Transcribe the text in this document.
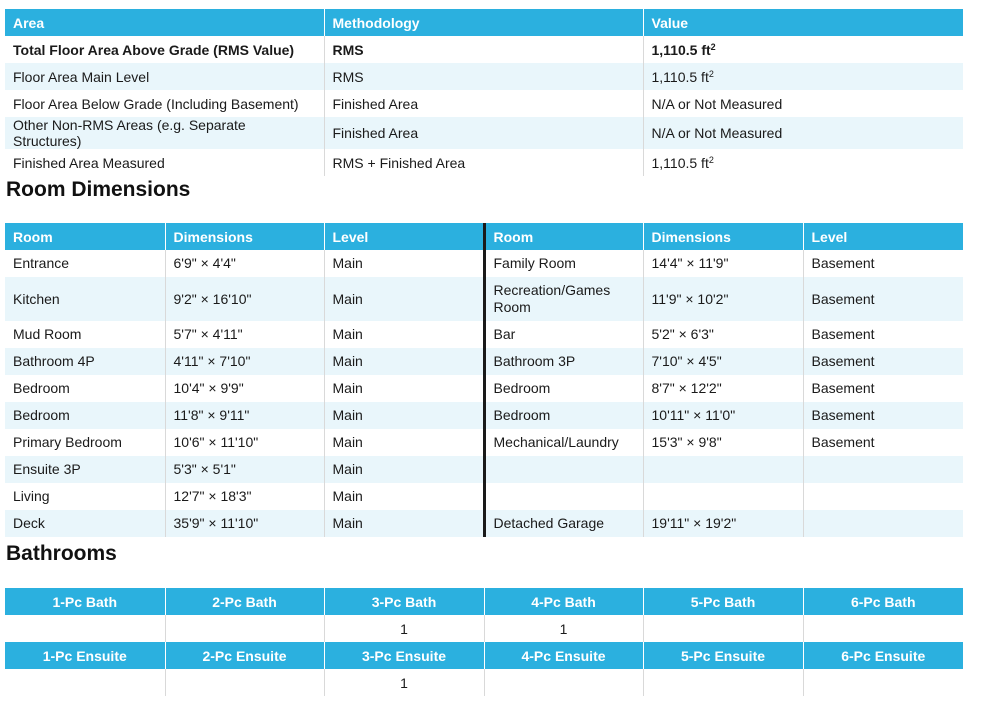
Area	Methodology	Value
Total Floor Area Above Grade (RMS Value)	RMS	1,110.5 $ft^2$
Floor Area Main Level	RMS	1,110.5 $ft^2$
Floor Area Below Grade (Including Basement)	Finished Area	N/A or Not Measured
Other Non-RMS Areas (e.g. Separate Structures)	Finished Area	N/A or Not Measured
Finished Area Measured	RMS + Finished Area	1,110.5 $ft^2$
Room Dimensions
Room	Dimensions	Level	Room	Dimensions	Level
Entrance	6'9" × 4'4"	Main	Family Room	14'4" × 11'9"	Basement
Kitchen	9'2" × 16'10"	Main	Recreation/Games Room	11'9" × 10'2"	Basement
Mud Room	5'7" × 4'11"	Main	Bar	5'2" × 6'3"	Basement
Bathroom 4P	4'11" × 7'10"	Main	Bathroom 3P	7'10" × 4'5"	Basement
Bedroom	10'4" × 9'9"	Main	Bedroom	8'7" × 12'2"	Basement
Bedroom	11'8" × 9'11"	Main	Bedroom	10'11" × 11'0"	Basement
Primary Bedroom	10'6" × 11'10"	Main	Mechanical/Laundry	15'3" × 9'8"	Basement
Ensuite 3P	5'3" × 5'1"	Main			
Living	12'7" × 18'3"	Main			
Deck	35'9" × 11'10"	Main	Detached Garage	19'11" × 19'2"	
Bathrooms
1-Pc Bath	2-Pc Bath	3-Pc Bath	4-Pc Bath	5-Pc Bath	6-Pc Bath
		1	1		
1-Pc Ensuite	2-Pc Ensuite	3-Pc Ensuite	4-Pc Ensuite	5-Pc Ensuite	6-Pc Ensuite
		1			
